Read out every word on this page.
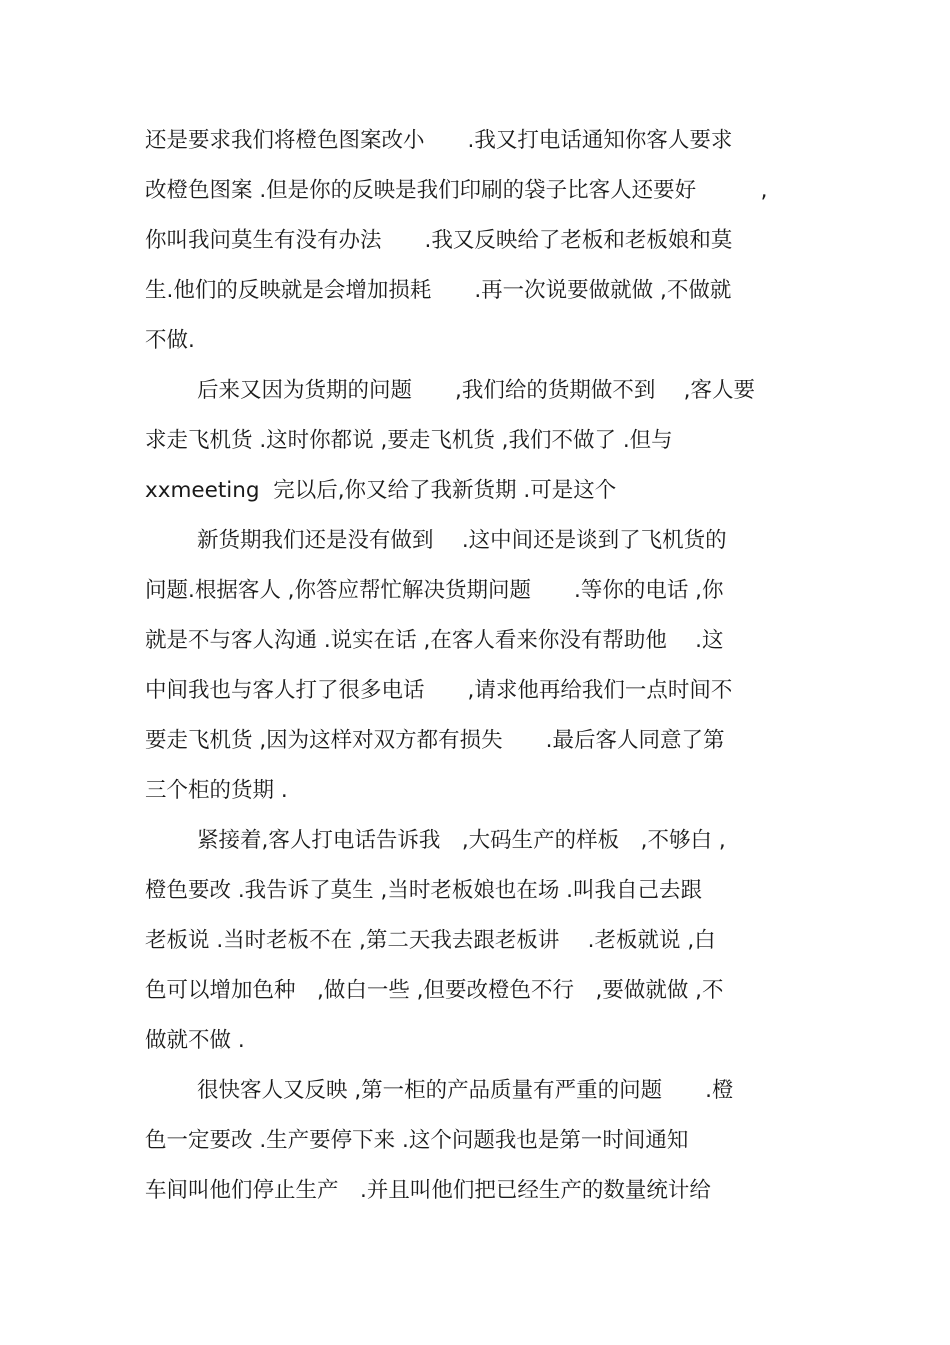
还是要求我们将橙色图案改小　　.我又打电话通知你客人要求
改橙色图案 .但是你的反映是我们印刷的袋子比客人还要好　　　,
你叫我问莫生有没有办法　　.我又反映给了老板和老板娘和莫
生.他们的反映就是会增加损耗　　.再一次说要做就做 ,不做就
不做.
后来又因为货期的问题　　,我们给的货期做不到　 ,客人要
求走飞机货 .这时你都说 ,要走飞机货 ,我们不做了 .但与
xxmeeting  完以后,你又给了我新货期 .可是这个
新货期我们还是没有做到　 .这中间还是谈到了飞机货的
问题.根据客人 ,你答应帮忙解决货期问题　　.等你的电话 ,你
就是不与客人沟通 .说实在话 ,在客人看来你没有帮助他　 .这
中间我也与客人打了很多电话　　,请求他再给我们一点时间不
要走飞机货 ,因为这样对双方都有损失　　.最后客人同意了第
三个柜的货期 .
紧接着,客人打电话告诉我　,大码生产的样板　,不够白 ,
橙色要改 .我告诉了莫生 ,当时老板娘也在场 .叫我自己去跟
老板说 .当时老板不在 ,第二天我去跟老板讲　 .老板就说 ,白
色可以增加色种　,做白一些 ,但要改橙色不行　,要做就做 ,不
做就不做 .
很快客人又反映 ,第一柜的产品质量有严重的问题　　.橙
色一定要改 .生产要停下来 .这个问题我也是第一时间通知
车间叫他们停止生产　.并且叫他们把已经生产的数量统计给
